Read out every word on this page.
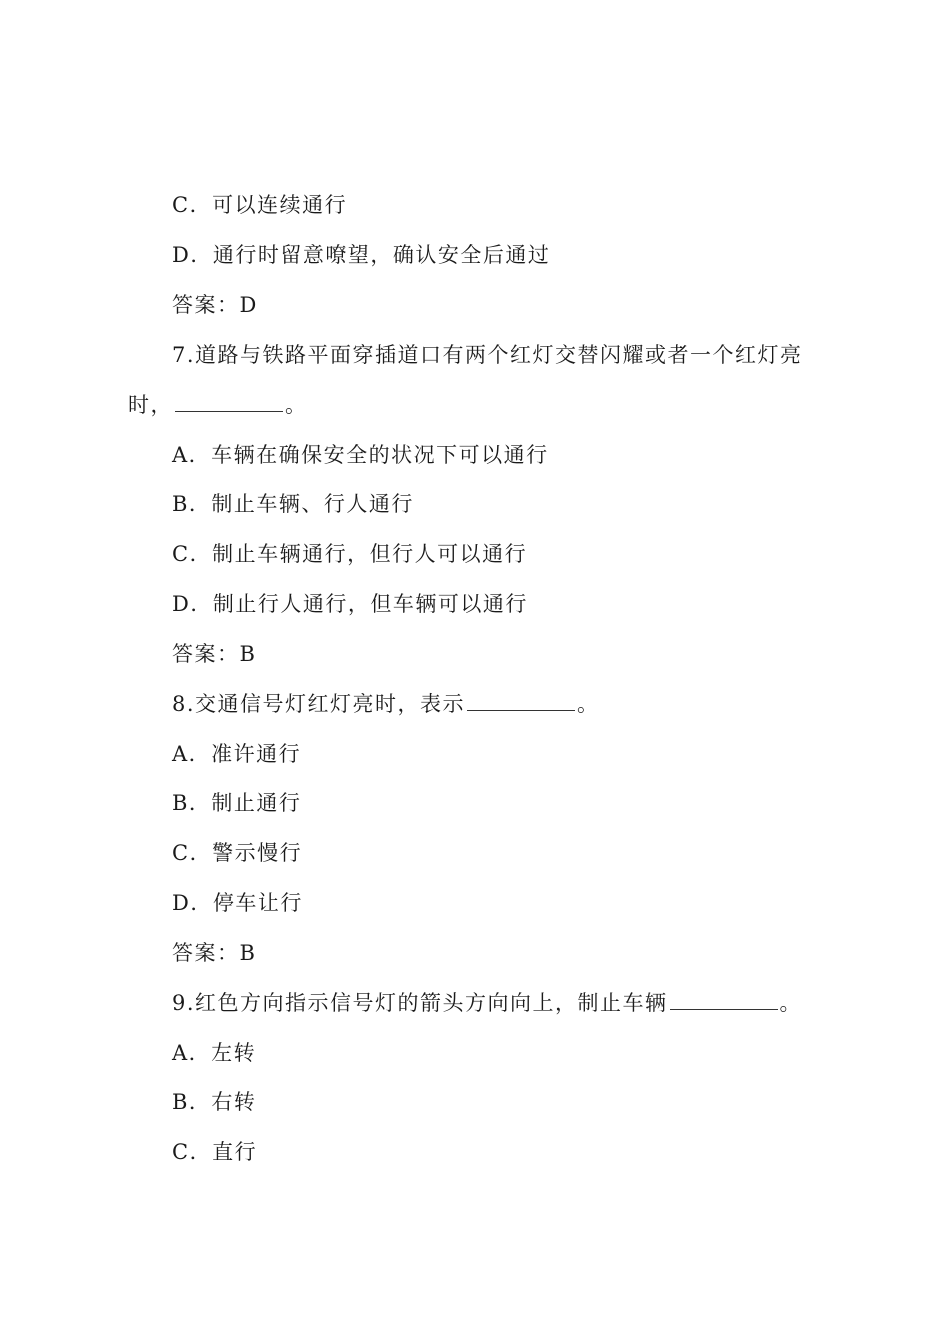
C．可以连续通行
D．通行时留意嘹望，确认安全后通过
答案：D
7.道路与铁路平面穿插道口有两个红灯交替闪耀或者一个红灯亮
时，	。
A．车辆在确保安全的状况下可以通行
B．制止车辆、行人通行
C．制止车辆通行，但行人可以通行
D．制止行人通行，但车辆可以通行
答案：B
8.交通信号灯红灯亮时，表示	。
A．准许通行
B．制止通行
C．警示慢行
D．停车让行
答案：B
9.红色方向指示信号灯的箭头方向向上，制止车辆	。
A．左转
B．右转
C．直行
